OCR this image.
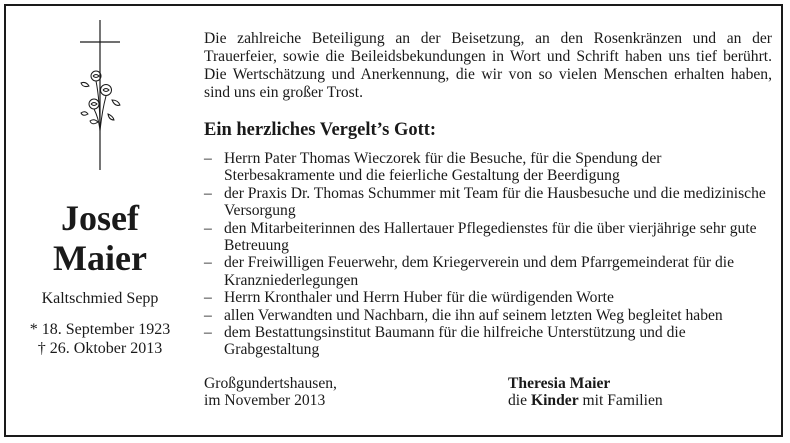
Josef
Maier
Kaltschmied Sepp
* 18. September 1923
† 26. Oktober 2013

Die zahlreiche Beteiligung an der Beisetzung, an den Rosenkränzen und an der Trauerfeier, sowie die Beileidsbekundungen in Wort und Schrift haben uns tief berührt. Die Wertschätzung und Anerkennung, die wir von so vielen Menschen erhalten haben, sind uns ein großer Trost.

Ein herzliches Vergelt’s Gott:
– Herrn Pater Thomas Wieczorek für die Besuche, für die Spendung der Sterbesakramente und die feierliche Gestaltung der Beerdigung
– der Praxis Dr. Thomas Schummer mit Team für die Hausbesuche und die medizinische Versorgung
– den Mitarbeiterinnen des Hallertauer Pflegedienstes für die über vierjährige sehr gute Betreuung
– der Freiwilligen Feuerwehr, dem Kriegerverein und dem Pfarrgemeinderat für die Kranzniederlegungen
– Herrn Kronthaler und Herrn Huber für die würdigenden Worte
– allen Verwandten und Nachbarn, die ihn auf seinem letzten Weg begleitet haben
– dem Bestattungsinstitut Baumann für die hilfreiche Unterstützung und die Grabgestaltung
Großgundertshausen,
im November 2013
Theresia Maier
die Kinder mit Familien
